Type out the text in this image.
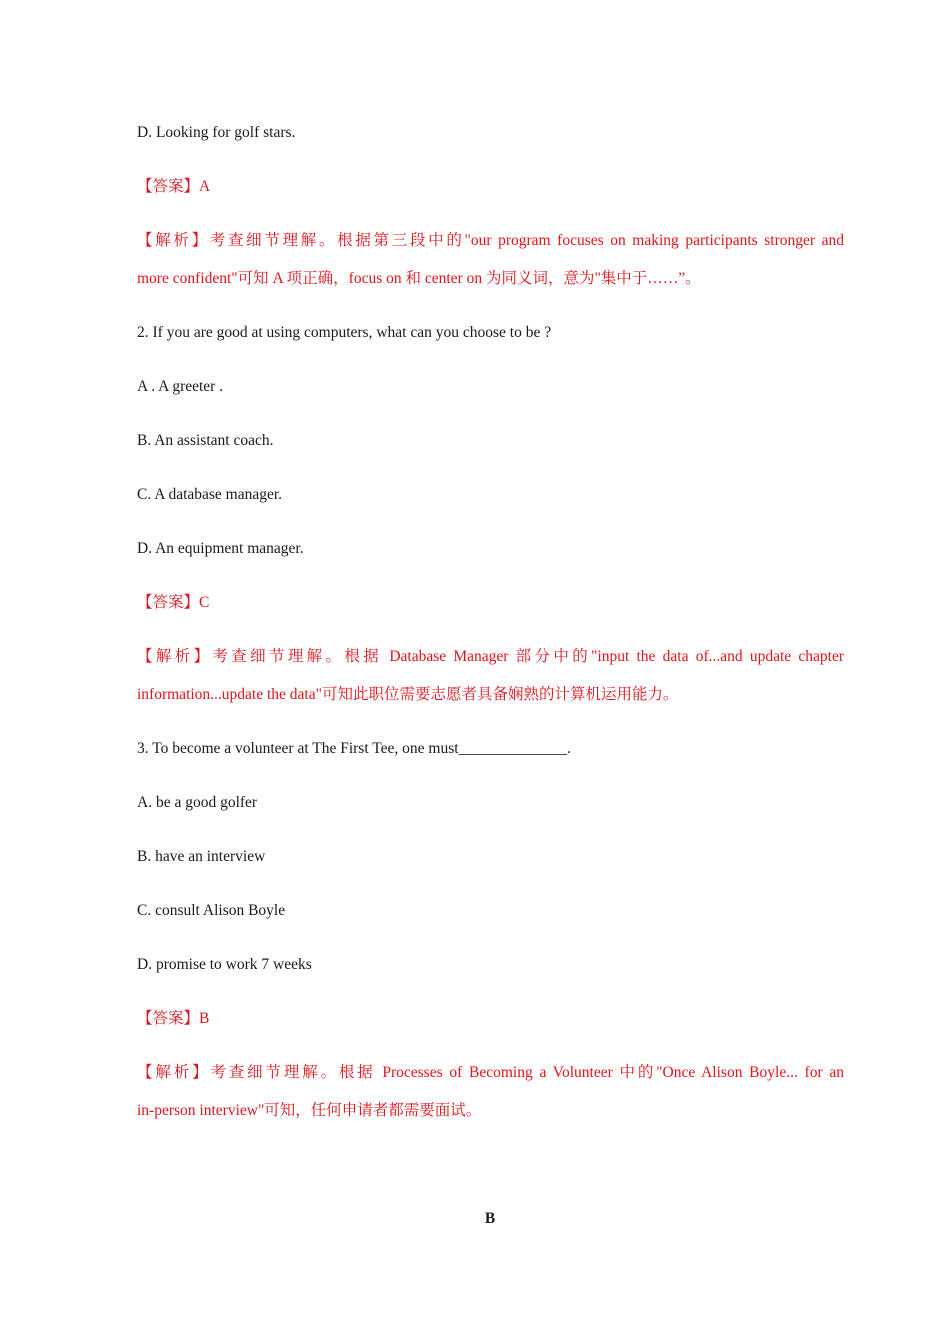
D. Looking for golf stars.
【答案】A
【解析】考查细节理解。根据第三段中的"our program focuses on making participants stronger and
more confident"可知 A 项正确，focus on 和 center on 为同义词，意为"集中于……”。
2. If you are good at using computers, what can you choose to be ?
A . A greeter .
B. An assistant coach.
C. A database manager.
D. An equipment manager.
【答案】C
【解析】考查细节理解。根据 Database Manager 部分中的"input the data of...and update chapter
information...update the data"可知此职位需要志愿者具备娴熟的计算机运用能力。
3. To become a volunteer at The First Tee, one must______________.
A. be a good golfer
B. have an interview
C. consult Alison Boyle
D. promise to work 7 weeks
【答案】B
【解析】考查细节理解。根据 Processes of Becoming a Volunteer 中的"Once Alison Boyle... for an
in-person interview"可知，任何申请者都需要面试。
B
